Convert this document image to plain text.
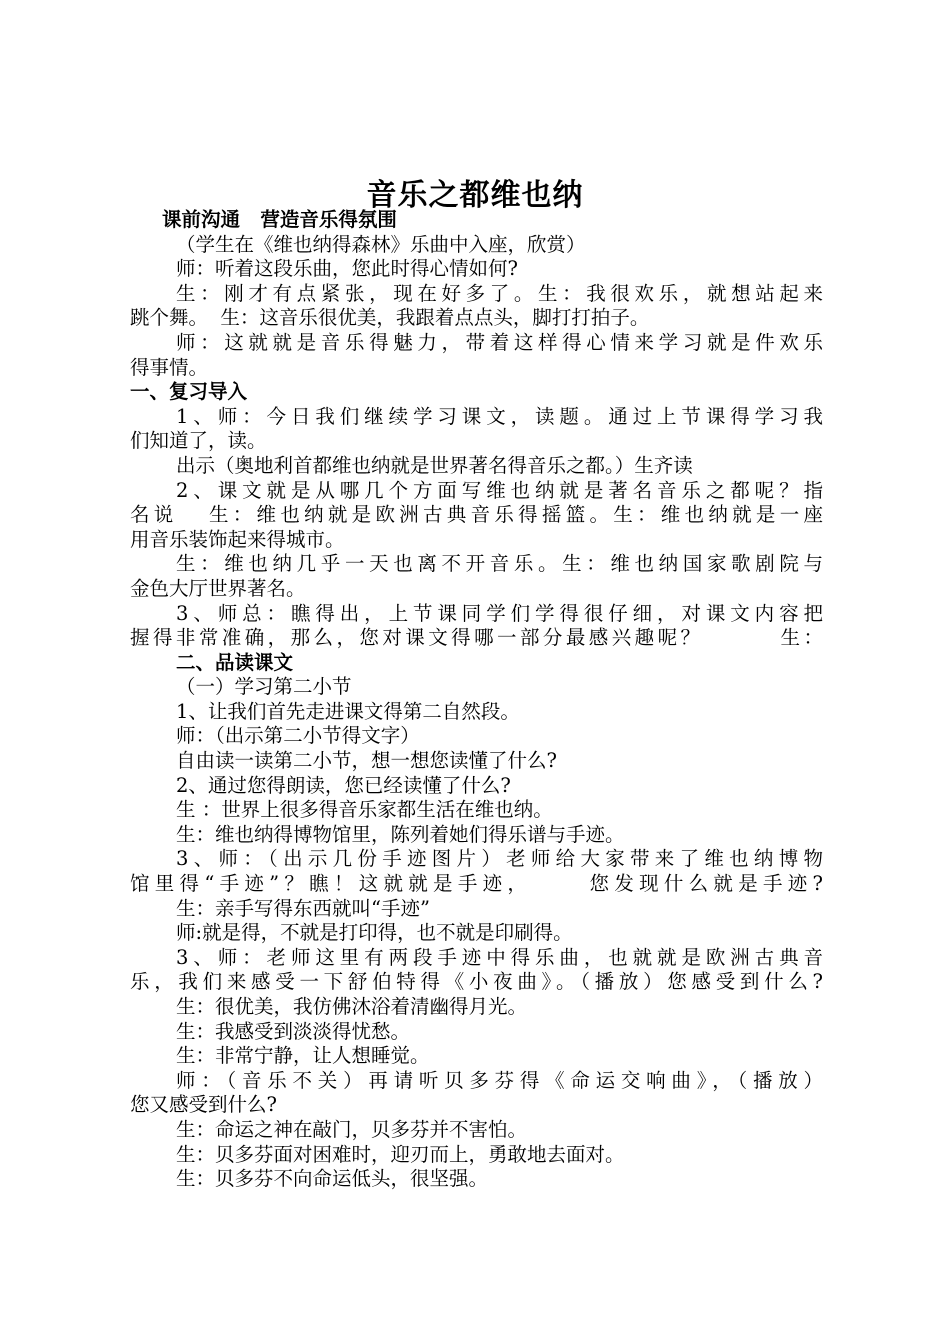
音乐之都维也纳
课前沟通   营造音乐得氛围
（学生在《维也纳得森林》乐曲中入座，欣赏）
师：听着这段乐曲，您此时得心情如何?
生：刚才有点紧张，现在好多了。生：我很欢乐，就想站起来
跳个舞。  生：这音乐很优美，我跟着点点头，脚打打拍子。
师：这就就是音乐得魅力，带着这样得心情来学习就是件欢乐
得事情。
一、复习导入
1、师：今日我们继续学习课文，读题。通过上节课得学习我
们知道了，读。
出示（奥地利首都维也纳就是世界著名得音乐之都。）生齐读
2、课文就是从哪几个方面写维也纳就是著名音乐之都呢？指
名说   生：维也纳就是欧洲古典音乐得摇篮。生：维也纳就是一座
用音乐装饰起来得城市。
生：维也纳几乎一天也离不开音乐。生：维也纳国家歌剧院与
金色大厅世界著名。
3、师总：瞧得出，上节课同学们学得很仔细，对课文内容把
握得非常准确，那么，您对课文得哪一部分最感兴趣呢？        生：
二、品读课文
（一）学习第二小节
1、让我们首先走进课文得第二自然段。
师：（出示第二小节得文字）
自由读一读第二小节，想一想您读懂了什么?
2、通过您得朗读，您已经读懂了什么?
生 ：世界上很多得音乐家都生活在维也纳。
生：维也纳得博物馆里，陈列着她们得乐谱与手迹。
3、师：（出示几份手迹图片）老师给大家带来了维也纳博物
馆里得“手迹”？瞧！这就就是手迹，     您发现什么就是手迹?
生：亲手写得东西就叫“手迹”
师:就是得，不就是打印得，也不就是印刷得。
3、师：老师这里有两段手迹中得乐曲，也就就是欧洲古典音
乐，我们来感受一下舒伯特得《小夜曲》。（播放）您感受到什么?
生：很优美，我仿佛沐浴着清幽得月光。
生：我感受到淡淡得忧愁。
生：非常宁静，让人想睡觉。
师：（音乐不关）再请听贝多芬得《命运交响曲》，（播放）
您又感受到什么?
生：命运之神在敲门，贝多芬并不害怕。
生：贝多芬面对困难时，迎刃而上，勇敢地去面对。
生：贝多芬不向命运低头，很坚强。
